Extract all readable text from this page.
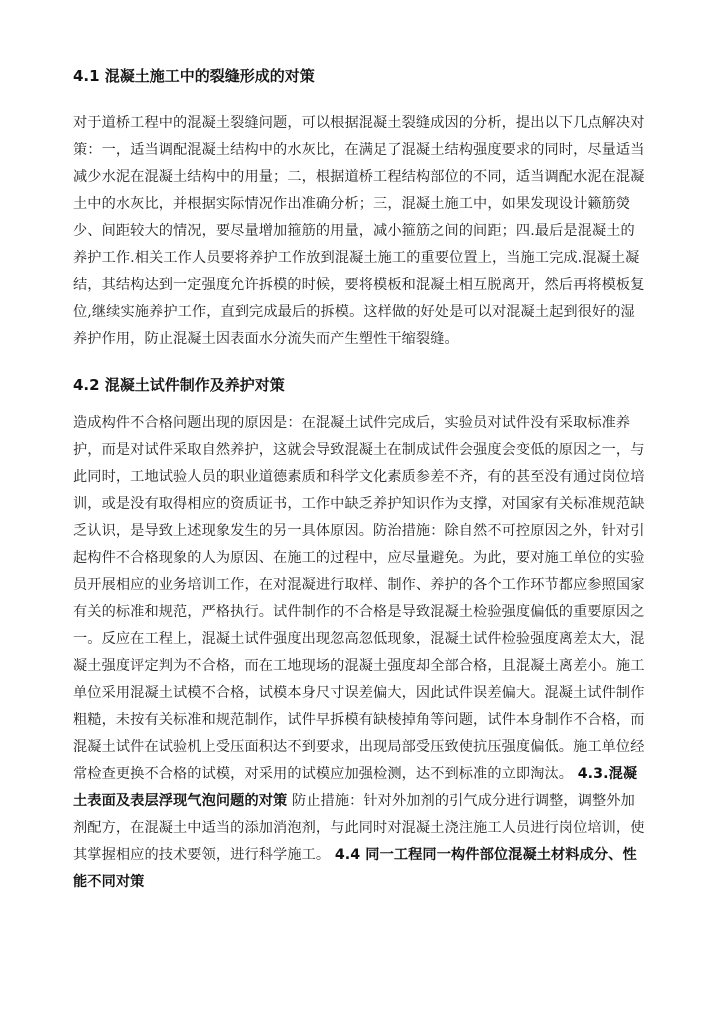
4.1 混凝土施工中的裂缝形成的对策
对于道桥工程中的混凝土裂缝问题，可以根据混凝土裂缝成因的分析，提出以下几点解决对
策：一，适当调配混凝土结构中的水灰比，在满足了混凝土结构强度要求的同时，尽量适当
减少水泥在混凝土结构中的用量；二，根据道桥工程结构部位的不同，适当调配水泥在混凝
土中的水灰比，并根据实际情况作出准确分析；三，混凝土施工中，如果发现设计籁筋熒
少、间距较大的情况，要尽量增加箍筋的用量，减小箍筋之间的间距；四.最后是混凝土的
养护工作.相关工作人员要将养护工作放到混凝土施工的重要位置上，当施工完成.混凝土凝
结，其结构达到一定强度允许拆模的时候，要将模板和混凝土相互脱离开，然后再将模板复
位,继续实施养护工作，直到完成最后的拆模。这样做的好处是可以对混凝土起到很好的湿
养护作用，防止混凝土因表面水分流失而产生塑性干缩裂缝。
4.2 混凝土试件制作及养护对策
造成构件不合格问题出现的原因是：在混凝土试件完成后，实验员对试件没有采取标准养
护，而是对试件采取自然养护，这就会导致混凝土在制成试件会强度会变低的原因之一，与
此同时，工地试验人员的职业道德素质和科学文化素质参差不齐，有的甚至没有通过岗位培
训，或是没有取得相应的资质证书，工作中缺乏养护知识作为支撑，对国家有关标准规范缺
乏认识，是导致上述现象发生的另一具体原因。防治措施：除自然不可控原因之外，针对引
起构件不合格现象的人为原因、在施工的过程中，应尽量避免。为此，要对施工单位的实验
员开展相应的业务培训工作，在对混凝进行取样、制作、养护的各个工作环节都应参照国家
有关的标准和规范，严格执行。试件制作的不合格是导致混凝土检验强度偏低的重要原因之
一。反应在工程上，混凝土试件强度出现忽高忽低现象，混凝土试件检验强度离差太大，混
凝土强度评定判为不合格，而在工地现场的混凝土强度却全部合格，且混凝土离差小。施工
单位采用混凝土试模不合格，试模本身尺寸误差偏大，因此试件误差偏大。混凝土试件制作
粗糙，未按有关标准和规范制作，试件早拆模有缺棱掉角等问题，试件本身制作不合格，而
混凝土试件在试验机上受压面积达不到要求，出现局部受压致使抗压强度偏低。施工单位经
常检查更换不合格的试模，对采用的试模应加强检测，达不到标准的立即淘汰。 4.3.混凝
土表面及表层浮现气泡问题的对策 防止措施：针对外加剂的引气成分进行调整，调整外加
剂配方，在混凝土中适当的添加消泡剂，与此同时对混凝土浇注施工人员进行岗位培训，使
其掌握相应的技术要领，进行科学施工。 4.4 同一工程同一构件部位混凝土材料成分、性
能不同对策
